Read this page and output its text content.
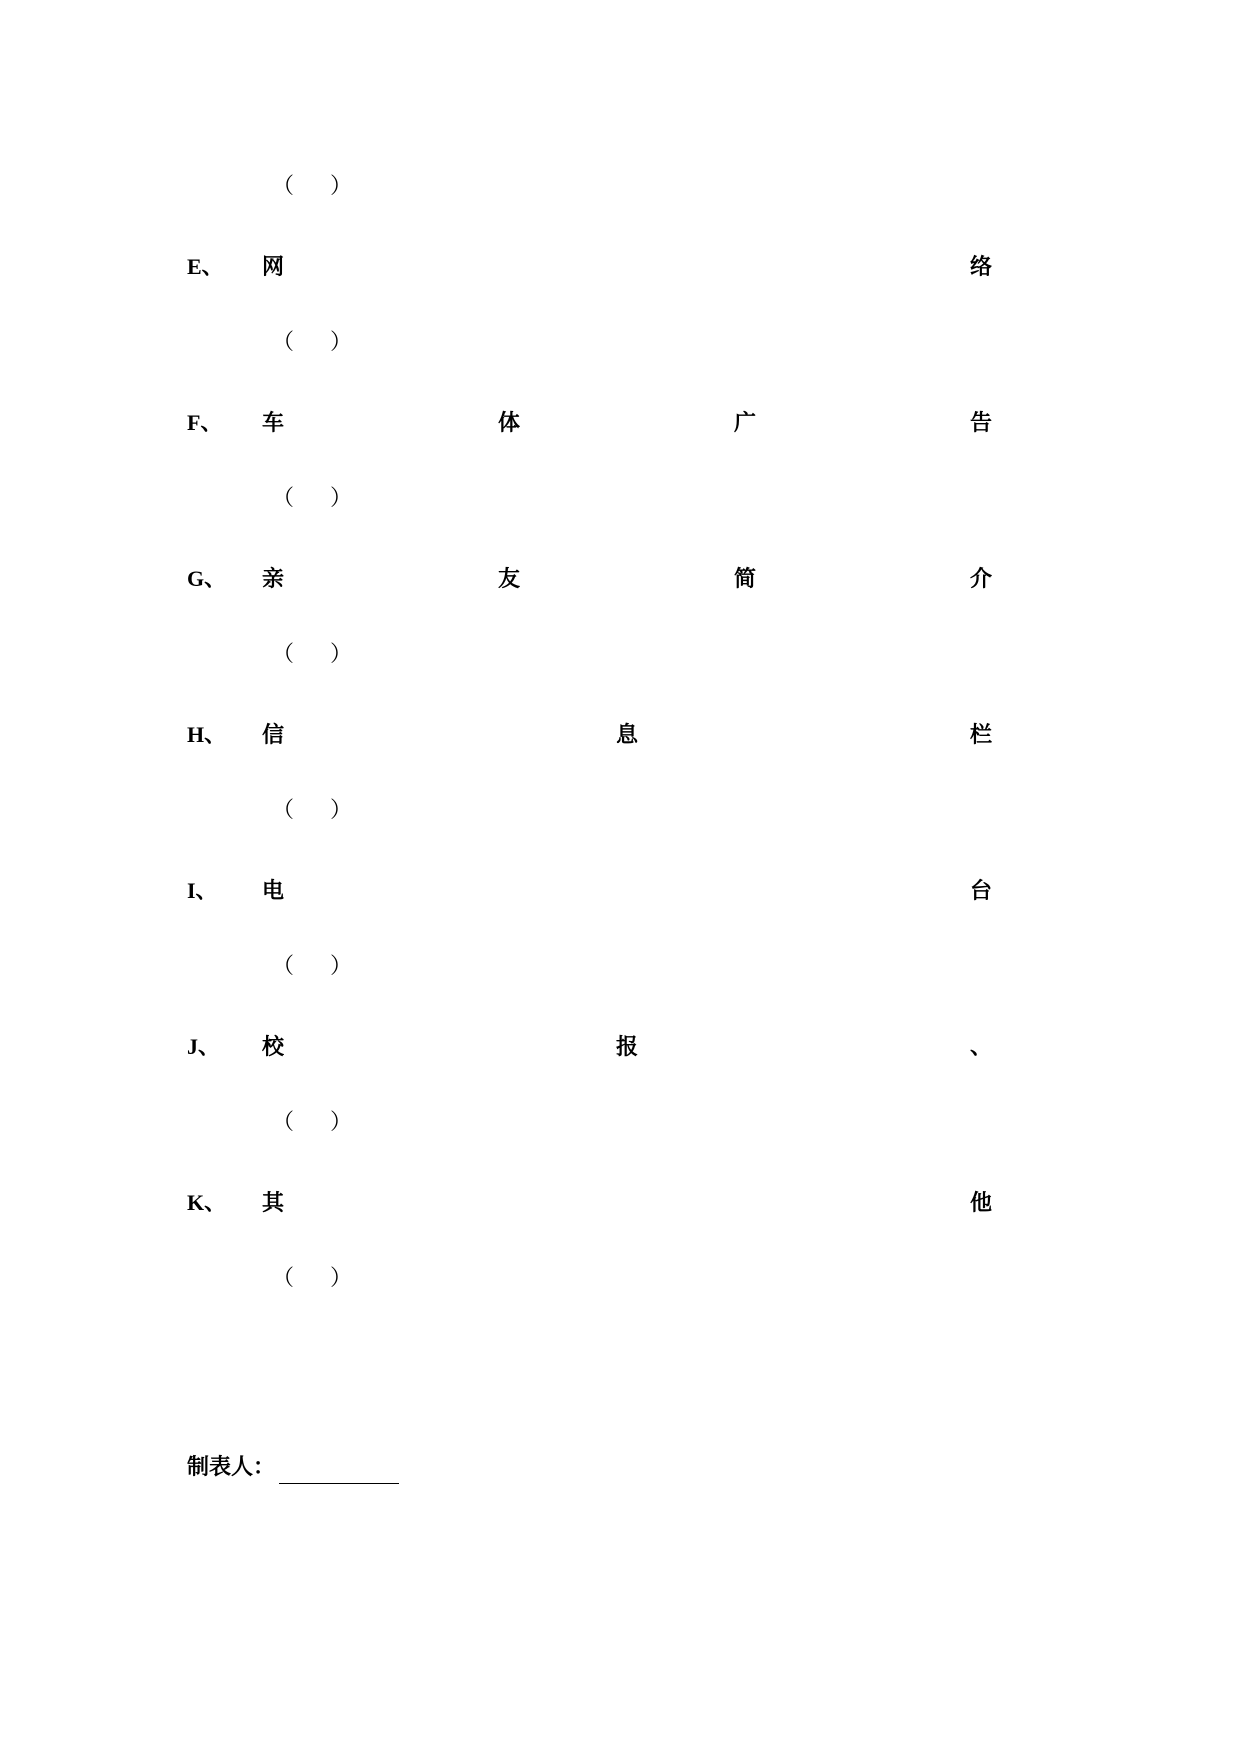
（ ）
E、 网	络
（ ）
F、 车	体	广	告
（ ）
G、 亲	友	简	介
（ ）
H、 信	息	栏
（ ）
I、 电	台
（ ）
J、 校	报	、
（ ）
K、 其	他
（ ）
制表人：
